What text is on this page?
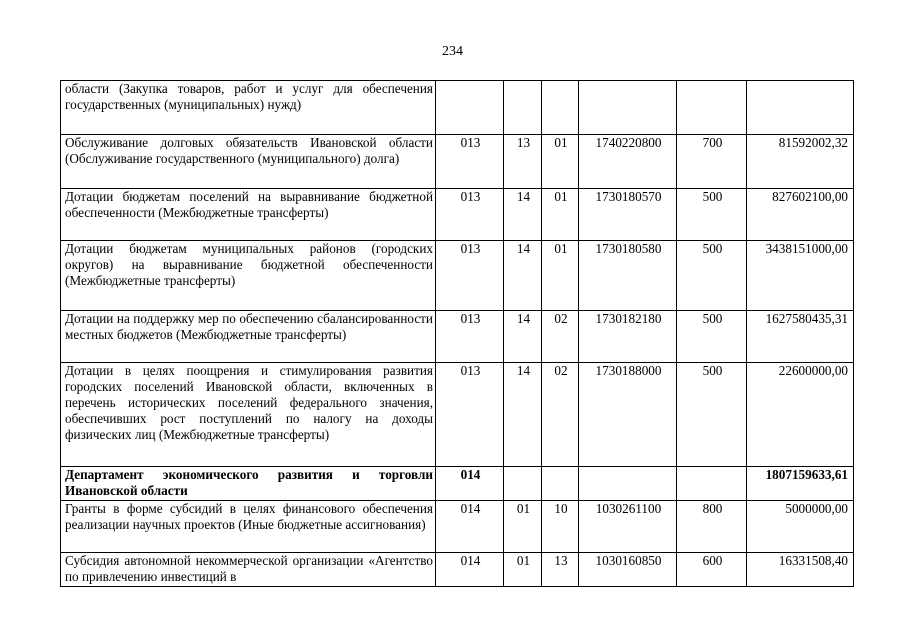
234
области (Закупка товаров, работ и услуг для обеспечения государственных (муниципальных) нужд)						
Обслуживание долговых обязательств Ивановской области (Обслуживание государственного (муниципального) долга)	013	13	01	1740220800	700	81592002,32
Дотации бюджетам поселений на выравнивание бюджетной обеспеченности (Межбюджетные трансферты)	013	14	01	1730180570	500	827602100,00
Дотации бюджетам муниципальных районов (городских округов) на выравнивание бюджетной обеспеченности (Межбюджетные трансферты)	013	14	01	1730180580	500	3438151000,00
Дотации на поддержку мер по обеспечению сбалансированности местных бюджетов (Межбюджетные трансферты)	013	14	02	1730182180	500	1627580435,31
Дотации в целях поощрения и стимулирования развития городских поселений Ивановской области, включенных в перечень исторических поселений федерального значения, обеспечивших рост поступлений по налогу на доходы физических лиц (Межбюджетные трансферты)	013	14	02	1730188000	500	22600000,00
Департамент экономического развития и торговли Ивановской области	014					1807159633,61
Гранты в форме субсидий в целях финансового обеспечения реализации научных проектов (Иные бюджетные ассигнования)	014	01	10	1030261100	800	5000000,00
Субсидия автономной некоммерческой организации «Агентство по привлечению инвестиций в	014	01	13	1030160850	600	16331508,40
